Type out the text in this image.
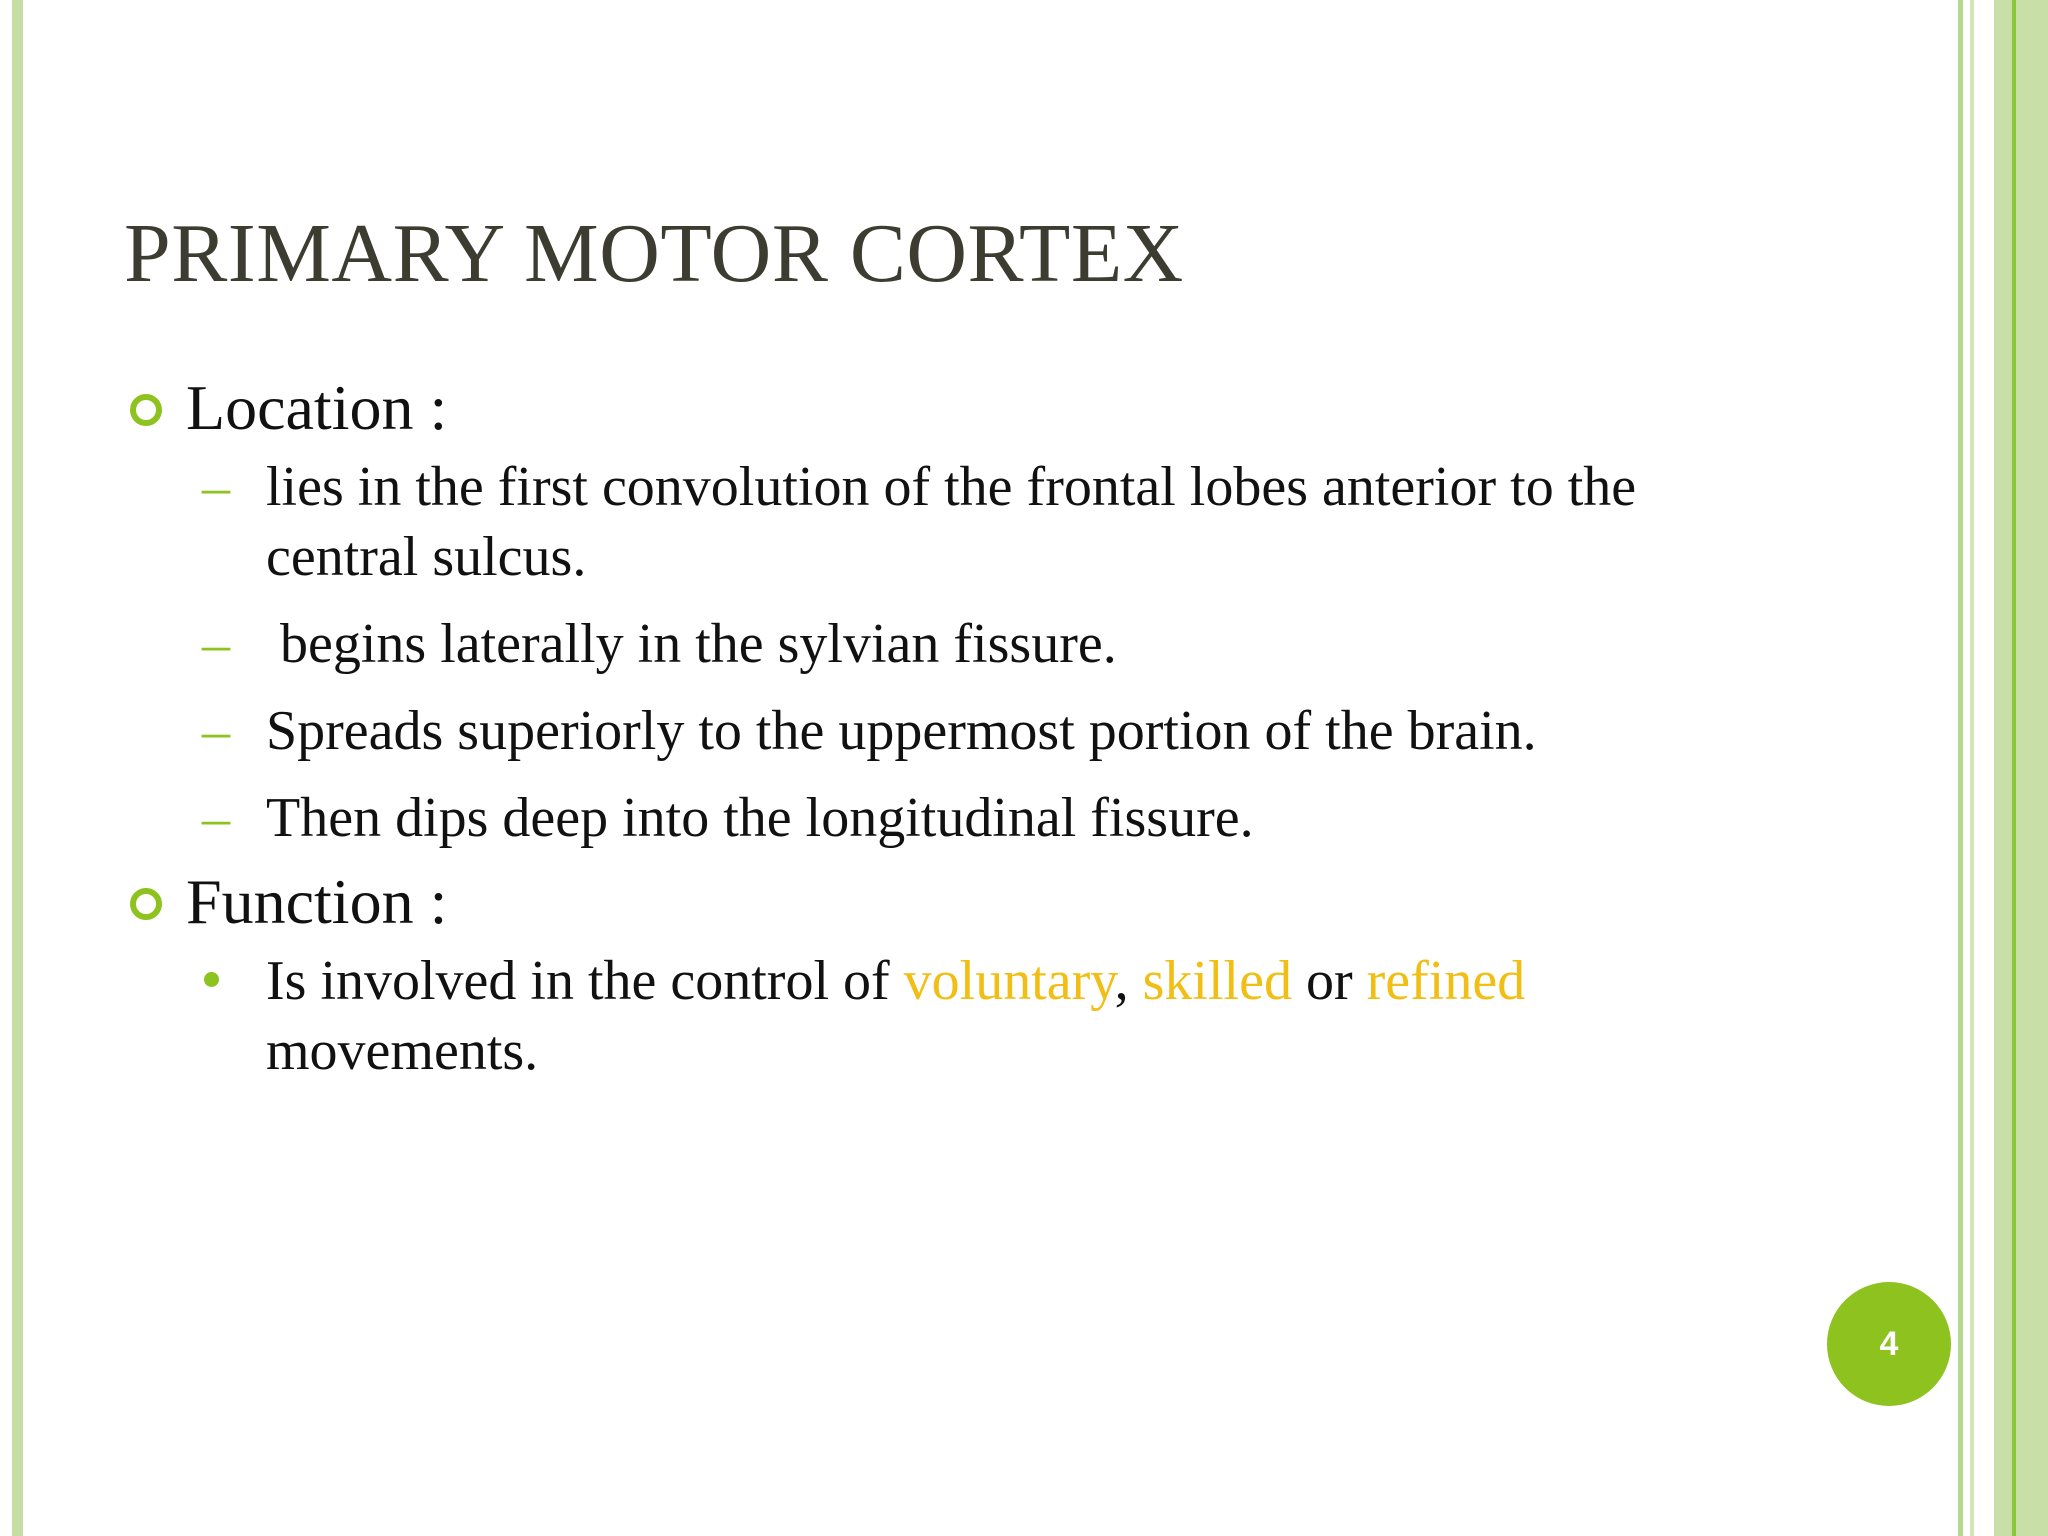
PRIMARY MOTOR CORTEX
Location :
– lies in the first convolution of the frontal lobes anterior to the central sulcus.
– begins laterally in the sylvian fissure.
– Spreads superiorly to the uppermost portion of the brain.
– Then dips deep into the longitudinal fissure.
Function :
Is involved in the control of voluntary, skilled or refined movements.
4
